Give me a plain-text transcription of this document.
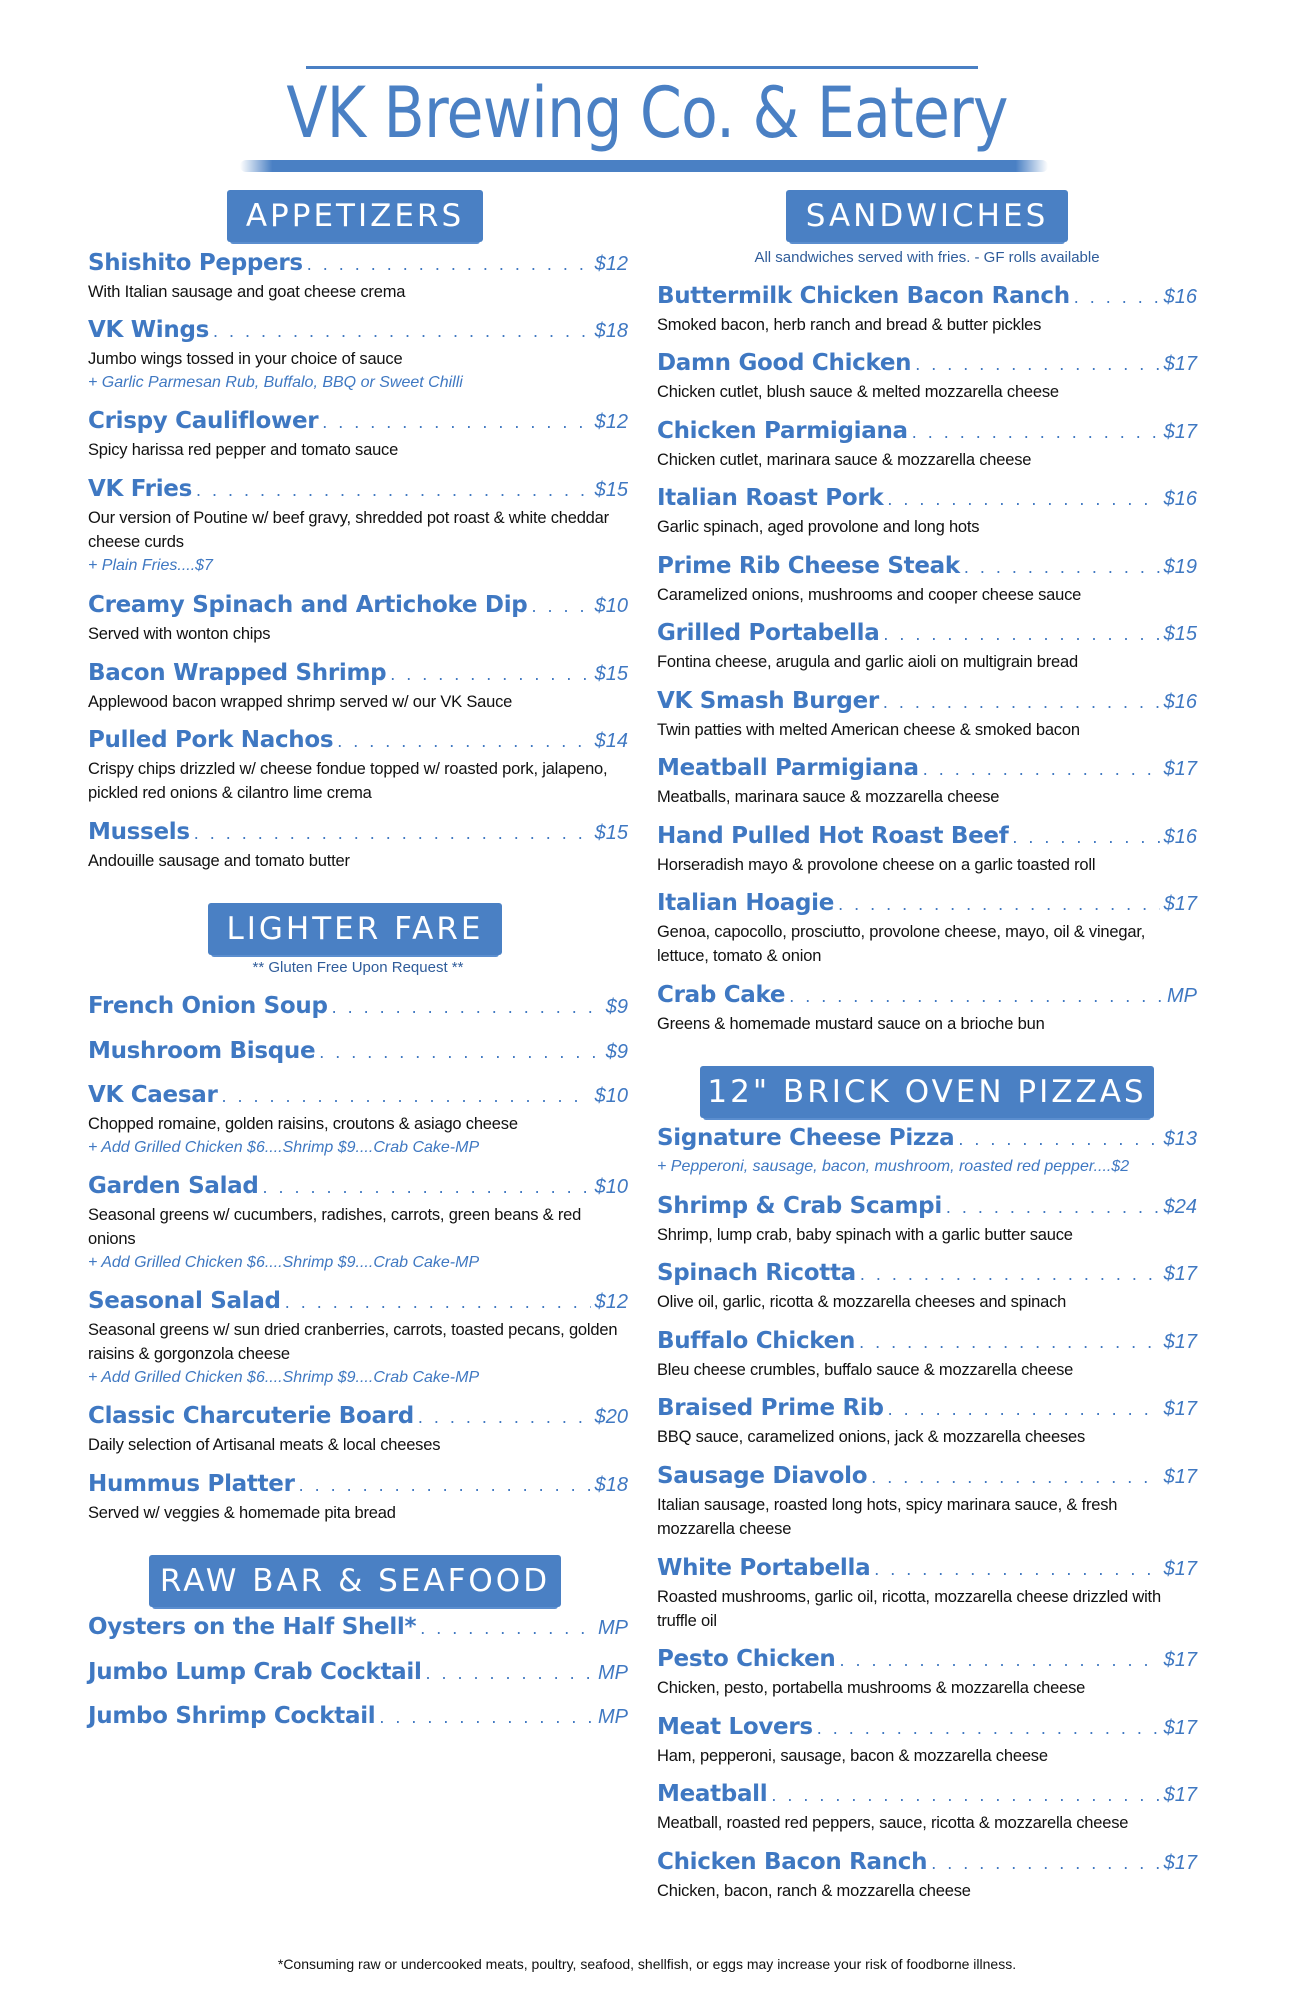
VK Brewing Co. & Eatery
APPETIZERS
Shishito Peppers . . .	$12
With Italian sausage and goat cheese crema
VK Wings . . .	$18
Jumbo wings tossed in your choice of sauce
+ Garlic Parmesan Rub, Buffalo, BBQ or Sweet Chilli
Crispy Cauliflower . . .	$12
Spicy harissa red pepper and tomato sauce
VK Fries . . .	$15
Our version of Poutine w/ beef gravy, shredded pot roast & white cheddar cheese curds
+ Plain Fries....$7
Creamy Spinach and Artichoke Dip . . .	$10
Served with wonton chips
Bacon Wrapped Shrimp . . .	$15
Applewood bacon wrapped shrimp served w/ our VK Sauce
Pulled Pork Nachos . . .	$14
Crispy chips drizzled w/ cheese fondue topped w/ roasted pork, jalapeno, pickled red onions & cilantro lime crema
Mussels . . .	$15
Andouille sausage and tomato butter
LIGHTER FARE
** Gluten Free Upon Request **
French Onion Soup . . .	$9
Mushroom Bisque . . .	$9
VK Caesar . . .	$10
Chopped romaine, golden raisins, croutons & asiago cheese
+ Add Grilled Chicken $6....Shrimp $9....Crab Cake-MP
Garden Salad . . .	$10
Seasonal greens w/ cucumbers, radishes, carrots, green beans & red onions
+ Add Grilled Chicken $6....Shrimp $9....Crab Cake-MP
Seasonal Salad . . .	$12
Seasonal greens w/ sun dried cranberries, carrots, toasted pecans, golden raisins & gorgonzola cheese
+ Add Grilled Chicken $6....Shrimp $9....Crab Cake-MP
Classic Charcuterie Board . . .	$20
Daily selection of Artisanal meats & local cheeses
Hummus Platter . . .	$18
Served w/ veggies & homemade pita bread
RAW BAR & SEAFOOD
Oysters on the Half Shell* . . .	MP
Jumbo Lump Crab Cocktail . . .	MP
Jumbo Shrimp Cocktail . . .	MP
SANDWICHES
All sandwiches served with fries. - GF rolls available
Buttermilk Chicken Bacon Ranch . . .	$16
Smoked bacon, herb ranch and bread & butter pickles
Damn Good Chicken . . .	$17
Chicken cutlet, blush sauce & melted mozzarella cheese
Chicken Parmigiana . . .	$17
Chicken cutlet, marinara sauce & mozzarella cheese
Italian Roast Pork . . .	$16
Garlic spinach, aged provolone and long hots
Prime Rib Cheese Steak . . .	$19
Caramelized onions, mushrooms and cooper cheese sauce
Grilled Portabella . . .	$15
Fontina cheese, arugula and garlic aioli on multigrain bread
VK Smash Burger . . .	$16
Twin patties with melted American cheese & smoked bacon
Meatball Parmigiana . . .	$17
Meatballs, marinara sauce & mozzarella cheese
Hand Pulled Hot Roast Beef . . .	$16
Horseradish mayo & provolone cheese on a garlic toasted roll
Italian Hoagie . . .	$17
Genoa, capocollo, prosciutto, provolone cheese, mayo, oil & vinegar, lettuce, tomato & onion
Crab Cake . . .	MP
Greens & homemade mustard sauce on a brioche bun
12" BRICK OVEN PIZZAS
Signature Cheese Pizza . . .	$13
+ Pepperoni, sausage, bacon, mushroom, roasted red pepper....$2
Shrimp & Crab Scampi . . .	$24
Shrimp, lump crab, baby spinach with a garlic butter sauce
Spinach Ricotta . . .	$17
Olive oil, garlic, ricotta & mozzarella cheeses and spinach
Buffalo Chicken . . .	$17
Bleu cheese crumbles, buffalo sauce & mozzarella cheese
Braised Prime Rib . . .	$17
BBQ sauce, caramelized onions, jack & mozzarella cheeses
Sausage Diavolo . . .	$17
Italian sausage, roasted long hots, spicy marinara sauce, & fresh mozzarella cheese
White Portabella . . .	$17
Roasted mushrooms, garlic oil, ricotta, mozzarella cheese drizzled with truffle oil
Pesto Chicken . . .	$17
Chicken, pesto, portabella mushrooms & mozzarella cheese
Meat Lovers . . .	$17
Ham, pepperoni, sausage, bacon & mozzarella cheese
Meatball . . .	$17
Meatball, roasted red peppers, sauce, ricotta & mozzarella cheese
Chicken Bacon Ranch . . .	$17
Chicken, bacon, ranch & mozzarella cheese
*Consuming raw or undercooked meats, poultry, seafood, shellfish, or eggs may increase your risk of foodborne illness.
